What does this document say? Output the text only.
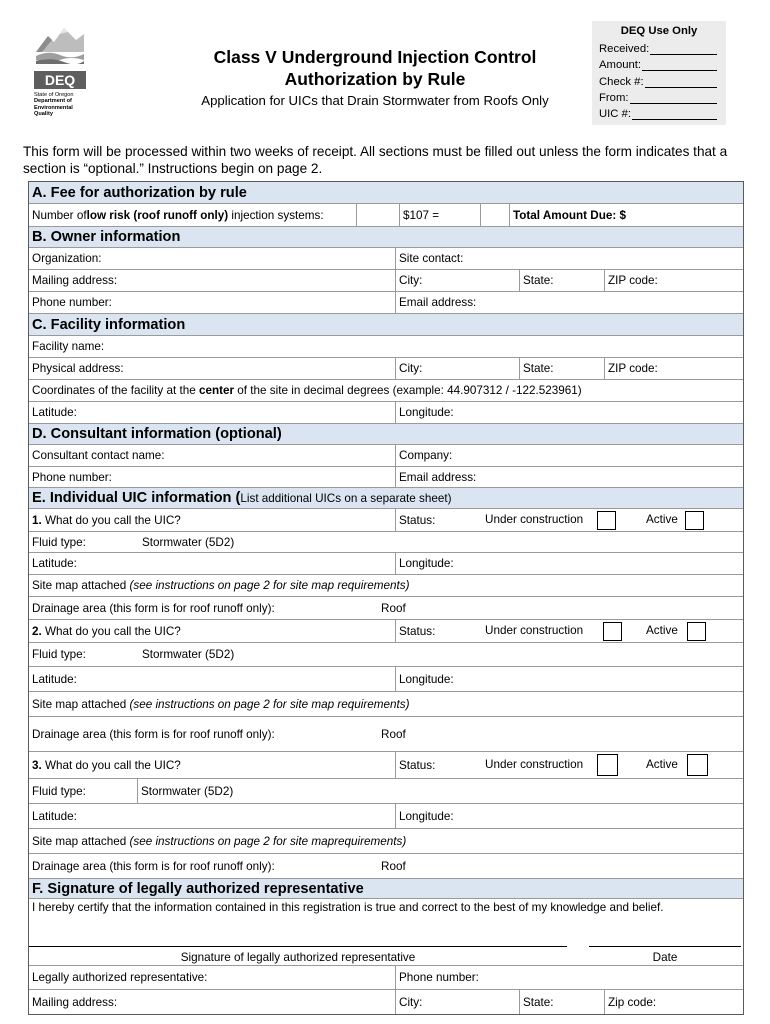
DEQ
State of Oregon
Department of
Environmental
Quality
Class V Underground Injection Control
Authorization by Rule
Application for UICs that Drain Stormwater from Roofs Only
DEQ Use Only
Received:
Amount:
Check #:
From:
UIC #:
This form will be processed within two weeks of receipt. All sections must be filled out unless the form indicates that a section is “optional.” Instructions begin on page 2.
A. Fee for authorization by rule
Number of low risk (roof runoff only) injection systems:	$107 =	Total Amount Due: $
B. Owner information
Organization:	Site contact:
Mailing address:	City:	State:	ZIP code:
Phone number:	Email address:
C. Facility information
Facility name:
Physical address:	City:	State:	ZIP code:
Coordinates of the facility at the center of the site in decimal degrees (example: 44.907312 / -122.523961)
Latitude:	Longitude:
D. Consultant information (optional)
Consultant contact name:	Company:
Phone number:	Email address:
E. Individual UIC information ( List additional UICs on a separate sheet)
1. What do you call the UIC?	Status:	Under construction	Active
Fluid type:	Stormwater (5D2)
Latitude:	Longitude:
Site map attached (see instructions on page 2 for site map requirements)
Drainage area (this form is for roof runoff only):	Roof
2. What do you call the UIC?	Status:	Under construction	Active
Fluid type:	Stormwater (5D2)
Latitude:	Longitude:
Site map attached (see instructions on page 2 for site map requirements)
Drainage area (this form is for roof runoff only):	Roof
3. What do you call the UIC?	Status:	Under construction	Active
Fluid type:	Stormwater (5D2)
Latitude:	Longitude:
Site map attached (see instructions on page 2 for site maprequirements)
Drainage area (this form is for roof runoff only):	Roof
F. Signature of legally authorized representative
I hereby certify that the information contained in this registration is true and correct to the best of my knowledge and belief.
Signature of legally authorized representative	Date
Legally authorized representative:	Phone number:
Mailing address:	City:	State:	Zip code:
